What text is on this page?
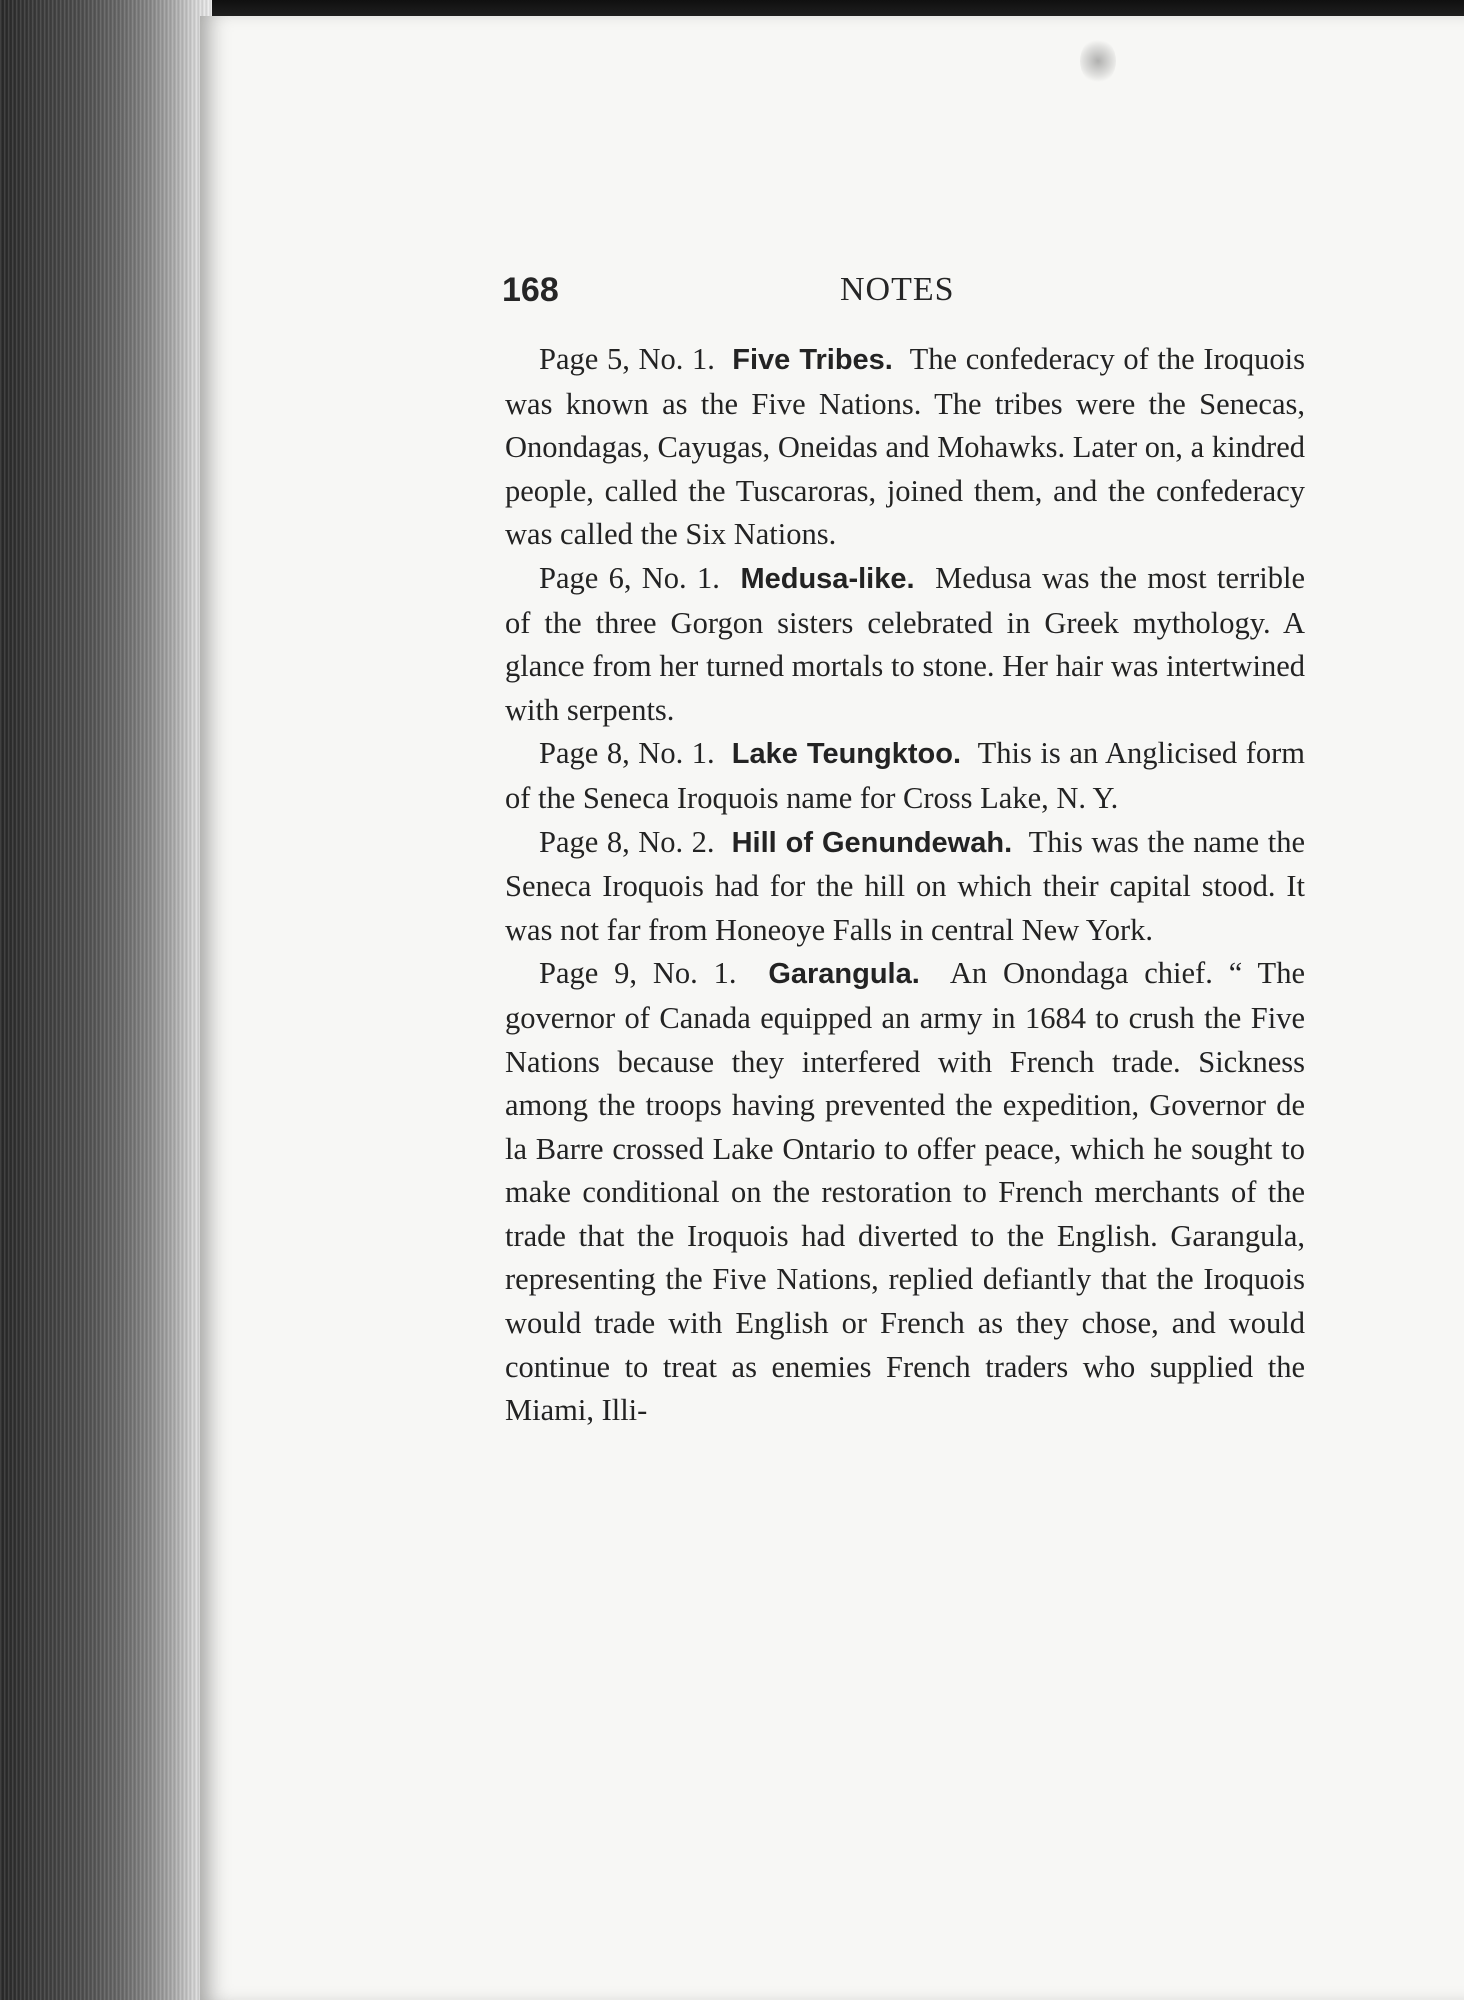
168	NOTES

Page 5, No. 1. Five Tribes. The confederacy of the Iroquois was known as the Five Nations. The tribes were the Senecas, Onondagas, Cayugas, Oneidas and Mohawks. Later on, a kindred people, called the Tuscaroras, joined them, and the confederacy was called the Six Nations.

Page 6, No. 1. Medusa-like. Medusa was the most terrible of the three Gorgon sisters celebrated in Greek mythology. A glance from her turned mortals to stone. Her hair was intertwined with serpents.

Page 8, No. 1. Lake Teungktoo. This is an Anglicised form of the Seneca Iroquois name for Cross Lake, N. Y.

Page 8, No. 2. Hill of Genundewah. This was the name the Seneca Iroquois had for the hill on which their capital stood. It was not far from Honeoye Falls in central New York.

Page 9, No. 1. Garangula. An Onondaga chief. “ The governor of Canada equipped an army in 1684 to crush the Five Nations because they interfered with French trade. Sickness among the troops having prevented the expedition, Governor de la Barre crossed Lake Ontario to offer peace, which he sought to make conditional on the restoration to French merchants of the trade that the Iroquois had diverted to the English. Garangula, representing the Five Nations, replied defiantly that the Iroquois would trade with English or French as they chose, and would continue to treat as enemies French traders who supplied the Miami, Illi-
